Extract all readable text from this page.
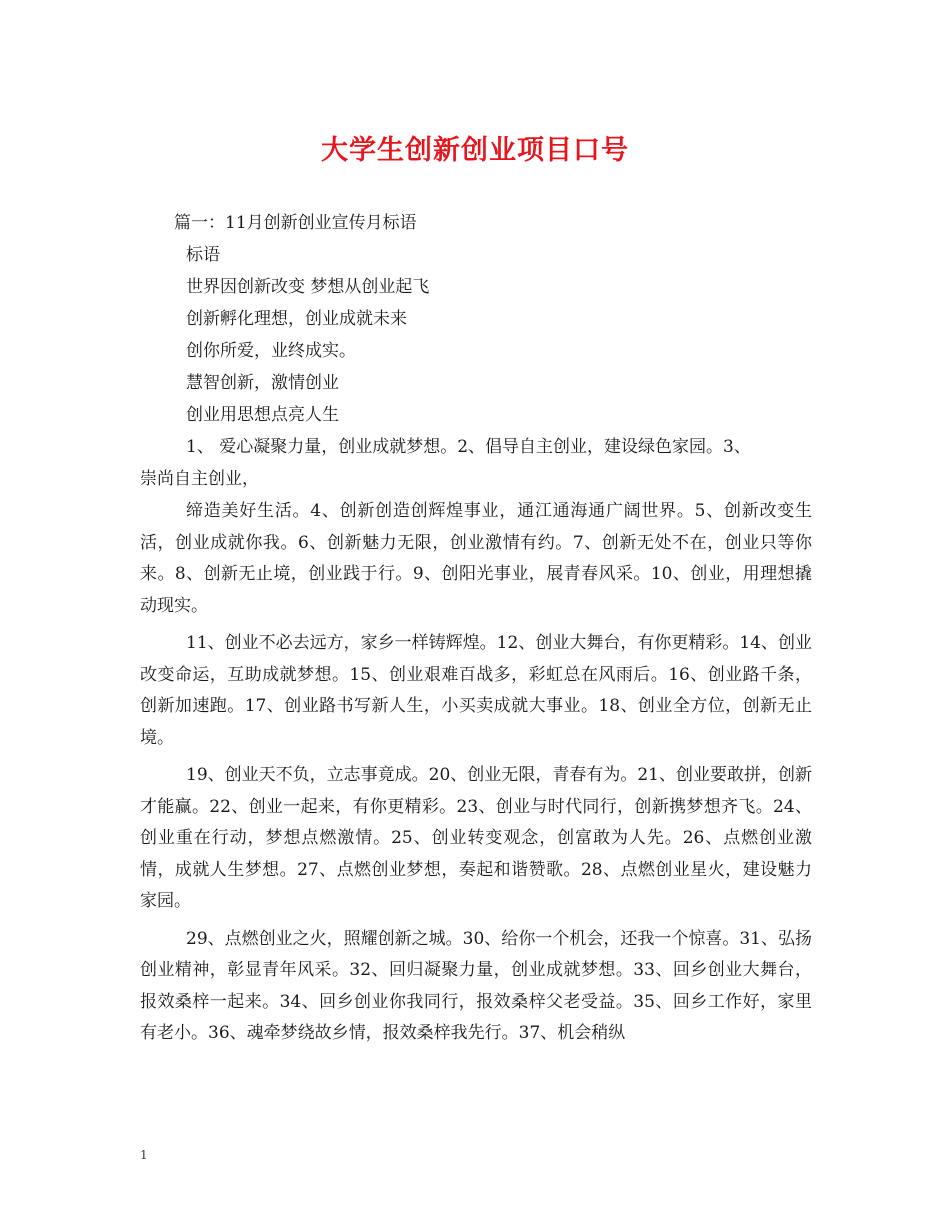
大学生创新创业项目口号

篇一：11月创新创业宣传月标语

标语

世界因创新改变 梦想从创业起飞

创新孵化理想，创业成就未来

创你所爱，业终成实。

慧智创新，激情创业

创业用思想点亮人生

1、 爱心凝聚力量，创业成就梦想。2、倡导自主创业，建设绿色家园。3、

崇尚自主创业，

缔造美好生活。4、创新创造创辉煌事业，通江通海通广阔世界。5、创新改变生活，创业成就你我。6、创新魅力无限，创业激情有约。7、创新无处不在，创业只等你来。8、创新无止境，创业践于行。9、创阳光事业，展青春风采。10、创业，用理想撬动现实。

11、创业不必去远方，家乡一样铸辉煌。12、创业大舞台，有你更精彩。14、创业改变命运，互助成就梦想。15、创业艰难百战多，彩虹总在风雨后。16、创业路千条，创新加速跑。17、创业路书写新人生，小买卖成就大事业。18、创业全方位，创新无止境。

19、创业天不负，立志事竟成。20、创业无限，青春有为。21、创业要敢拼，创新才能赢。22、创业一起来，有你更精彩。23、创业与时代同行，创新携梦想齐飞。24、创业重在行动，梦想点燃激情。25、创业转变观念，创富敢为人先。26、点燃创业激情，成就人生梦想。27、点燃创业梦想，奏起和谐赞歌。28、点燃创业星火，建设魅力家园。

29、点燃创业之火，照耀创新之城。30、给你一个机会，还我一个惊喜。31、弘扬创业精神，彰显青年风采。32、回归凝聚力量，创业成就梦想。33、回乡创业大舞台，报效桑梓一起来。34、回乡创业你我同行，报效桑梓父老受益。35、回乡工作好，家里有老小。36、魂牵梦绕故乡情，报效桑梓我先行。37、机会稍纵

1
